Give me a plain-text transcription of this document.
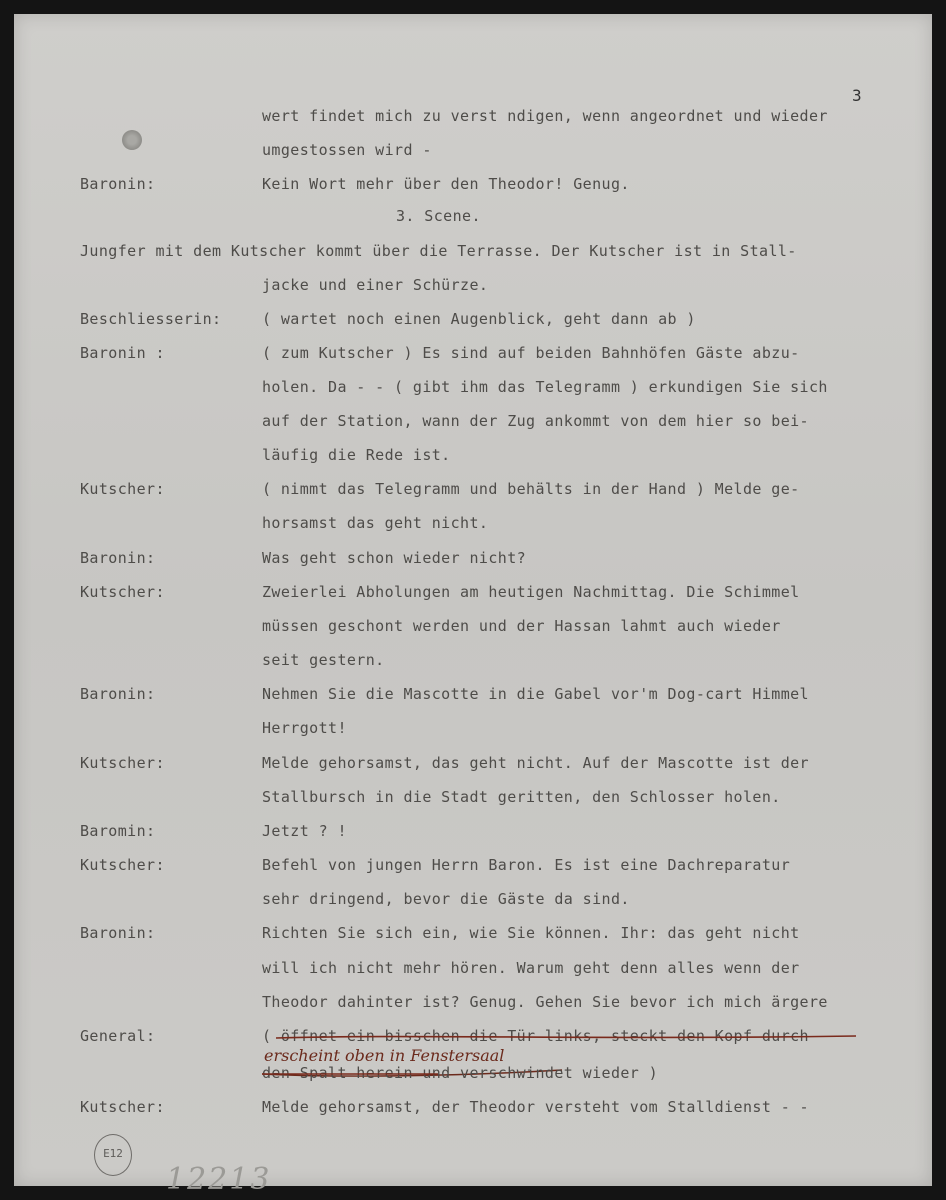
3
wert findet mich zu verst ndigen, wenn angeordnet und wieder
umgestossen wird -
Baronin:	Kein Wort mehr über den Theodor! Genug.
3. Scene.
Jungfer mit dem Kutscher kommt über die Terrasse. Der Kutscher ist in Stall-
jacke und einer Schürze.
Beschliesserin:	( wartet noch einen Augenblick, geht dann ab )
Baronin :	( zum Kutscher ) Es sind auf beiden Bahnhöfen Gäste abzu-
holen. Da - - ( gibt ihm das Telegramm ) erkundigen Sie sich
auf der Station, wann der Zug ankommt von dem hier so bei-
läufig die Rede ist.
Kutscher:	( nimmt das Telegramm und behälts in der Hand ) Melde ge-
horsamst das geht nicht.
Baronin:	Was geht schon wieder nicht?
Kutscher:	Zweierlei Abholungen am heutigen Nachmittag. Die Schimmel
müssen geschont werden und der Hassan lahmt auch wieder
seit gestern.
Baronin:	Nehmen Sie die Mascotte in die Gabel vor'm Dog-cart Himmel
Herrgott!
Kutscher:	Melde gehorsamst, das geht nicht. Auf der Mascotte ist der
Stallbursch in die Stadt geritten, den Schlosser holen.
Baromin:	Jetzt ? !
Kutscher:	Befehl von jungen Herrn Baron. Es ist eine Dachreparatur
sehr dringend, bevor die Gäste da sind.
Baronin:	Richten Sie sich ein, wie Sie können. Ihr: das geht nicht
will ich nicht mehr hören. Warum geht denn alles wenn der
Theodor dahinter ist? Genug. Gehen Sie bevor ich mich ärgere
General:	( öffnet ein bisschen die Tür links, steckt den Kopf durch
erscheint oben in Fenstersaal
den Spalt herein und verschwindet wieder )
Kutscher:	Melde gehorsamst, der Theodor versteht vom Stalldienst - -
E12
12213
